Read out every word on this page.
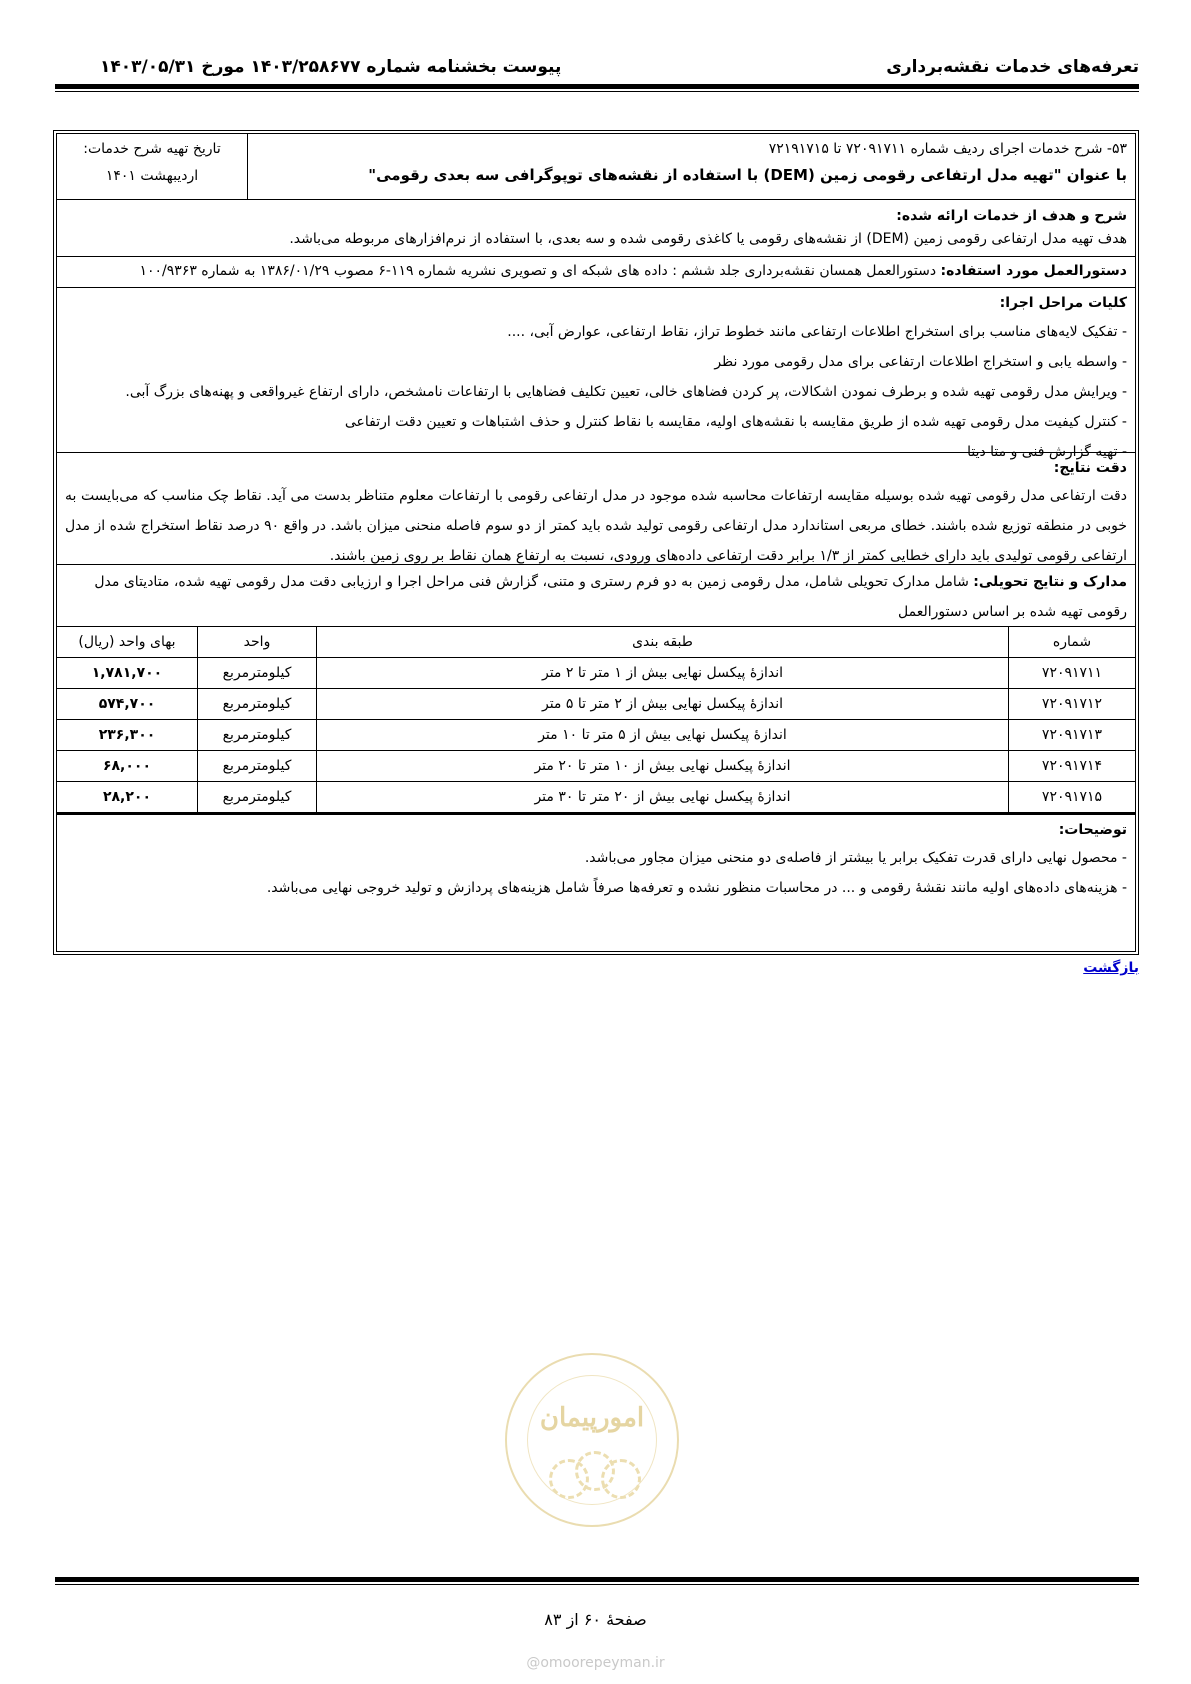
تعرفه‌های خدمات نقشه‌برداری
پیوست بخشنامه شماره ۱۴۰۳/۲۵۸۶۷۷ مورخ ۱۴۰۳/۰۵/۳۱
۵۳- شرح خدمات اجرای ردیف شماره ۷۲۰۹۱۷۱۱ تا ۷۲۱۹۱۷۱۵
با عنوان "تهیه مدل ارتفاعی رقومی زمین (DEM) با استفاده از نقشه‌های توپوگرافی سه بعدی رقومی"
تاریخ تهیه شرح خدمات:
اردیبهشت ۱۴۰۱
شرح و هدف از خدمات ارائه شده:

هدف تهیه مدل ارتفاعی رقومی زمین (DEM) از نقشه‌های رقومی یا کاغذی رقومی شده و سه بعدی، با استفاده از نرم‌افزارهای مربوطه می‌باشد.

دستورالعمل مورد استفاده: دستورالعمل همسان نقشه‌برداری جلد ششم : داده های شبکه ای و تصویری نشریه شماره ۱۱۹-۶ مصوب ۱۳۸۶/۰۱/۲۹ به شماره ۱۰۰/۹۳۶۳
کلیات مراحل اجرا:
- تفکیک لایه‌های مناسب برای استخراج اطلاعات ارتفاعی مانند خطوط تراز، نقاط ارتفاعی، عوارض آبی، ....
- واسطه یابی و استخراج اطلاعات ارتفاعی برای مدل رقومی مورد نظر
- ویرایش مدل رقومی تهیه شده و برطرف نمودن اشکالات، پر کردن فضاهای خالی، تعیین تکلیف فضاهایی با ارتفاعات نامشخص، دارای ارتفاع غیرواقعی و پهنه‌های بزرگ آبی.
- کنترل کیفیت مدل رقومی تهیه شده از طریق مقایسه با نقشه‌های اولیه، مقایسه با نقاط کنترل و حذف اشتباهات و تعیین دقت ارتفاعی
- تهیه گزارش فنی و متا دیتا
دقت نتایج:

دقت ارتفاعی مدل رقومی تهیه شده بوسیله مقایسه ارتفاعات محاسبه شده موجود در مدل ارتفاعی رقومی با ارتفاعات معلوم متناظر بدست می آید. نقاط چک مناسب که می‌بایست به خوبی در منطقه توزیع شده باشند. خطای مربعی استاندارد مدل ارتفاعی رقومی تولید شده باید کمتر از دو سوم فاصله منحنی میزان باشد. در واقع ۹۰ درصد نقاط استخراج شده از مدل ارتفاعی رقومی تولیدی باید دارای خطایی کمتر از ۱/۳ برابر دقت ارتفاعی داده‌های ورودی، نسبت به ارتفاع همان نقاط بر روی زمین باشند.

مدارک و نتایج تحویلی: شامل مدارک تحویلی شامل، مدل رقومی زمین به دو فرم رستری و متنی، گزارش فنی مراحل اجرا و ارزیابی دقت مدل رقومی تهیه شده، متادیتای مدل رقومی تهیه شده بر اساس دستورالعمل

شماره	طبقه بندی	واحد	بهای واحد (ریال)
۷۲۰۹۱۷۱۱	اندازهٔ پیکسل نهایی بیش از ۱ متر تا ۲ متر	کیلومترمربع	۱,۷۸۱,۷۰۰
۷۲۰۹۱۷۱۲	اندازهٔ پیکسل نهایی بیش از ۲ متر تا ۵ متر	کیلومترمربع	۵۷۴,۷۰۰
۷۲۰۹۱۷۱۳	اندازهٔ پیکسل نهایی بیش از ۵ متر تا ۱۰ متر	کیلومترمربع	۲۳۶,۳۰۰
۷۲۰۹۱۷۱۴	اندازهٔ پیکسل نهایی بیش از ۱۰ متر تا ۲۰ متر	کیلومترمربع	۶۸,۰۰۰
۷۲۰۹۱۷۱۵	اندازهٔ پیکسل نهایی بیش از ۲۰ متر تا ۳۰ متر	کیلومترمربع	۲۸,۲۰۰
توضیحات:
- محصول نهایی دارای قدرت تفکیک برابر یا بیشتر از فاصله‌ی دو منحنی میزان مجاور می‌باشد.
- هزینه‌های داده‌های اولیه مانند نقشهٔ رقومی و ... در محاسبات منظور نشده و تعرفه‌ها صرفاً شامل هزینه‌های پردازش و تولید خروجی نهایی می‌باشد.
بازگشت
امورپیمان
صفحهٔ ۶۰ از ۸۳
@omoorepeyman.ir
